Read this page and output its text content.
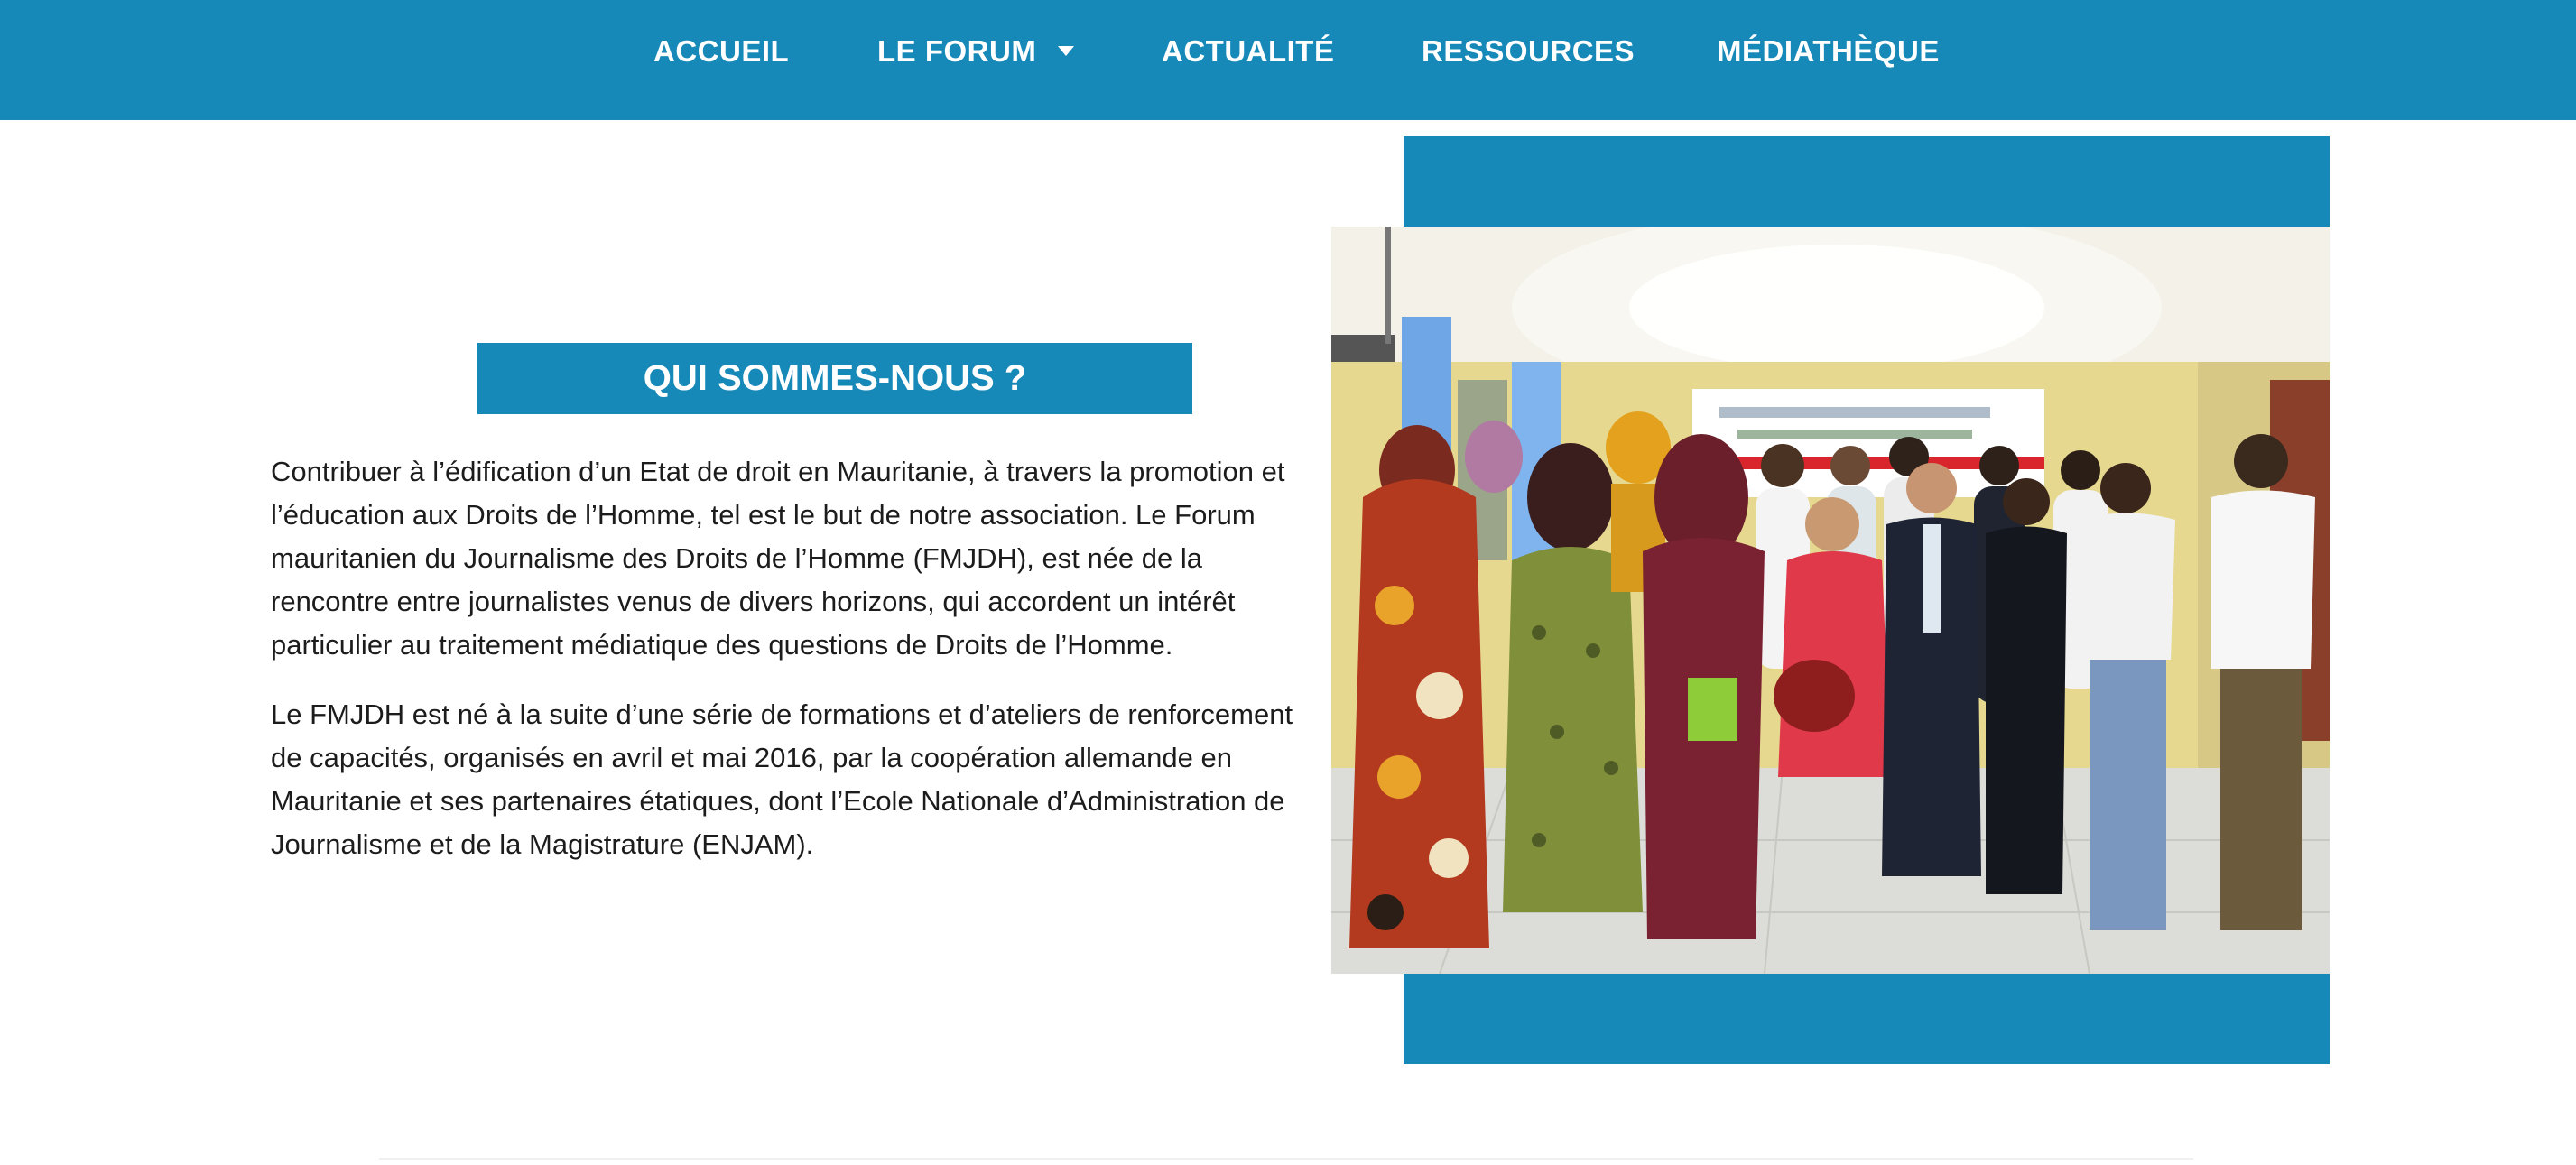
ACCUEIL	LE FORUM	ACTUALITÉ	RESSOURCES	MÉDIATHÈQUE
QUI SOMMES-NOUS ?

Contribuer à l’édification d’un Etat de droit en Mauritanie, à travers la promotion et l’éducation aux Droits de l’Homme, tel est le but de notre association. Le Forum mauritanien du Journalisme des Droits de l’Homme (FMJDH), est née de la rencontre entre journalistes venus de divers horizons, qui accordent un intérêt particulier au traitement médiatique des questions de Droits de l’Homme.

Le FMJDH est né à la suite d’une série de formations et d’ateliers de renforcement de capacités, organisés en avril et mai 2016, par la coopération allemande en Mauritanie et ses partenaires étatiques, dont l’Ecole Nationale d’Administration de Journalisme et de la Magistrature (ENJAM).
